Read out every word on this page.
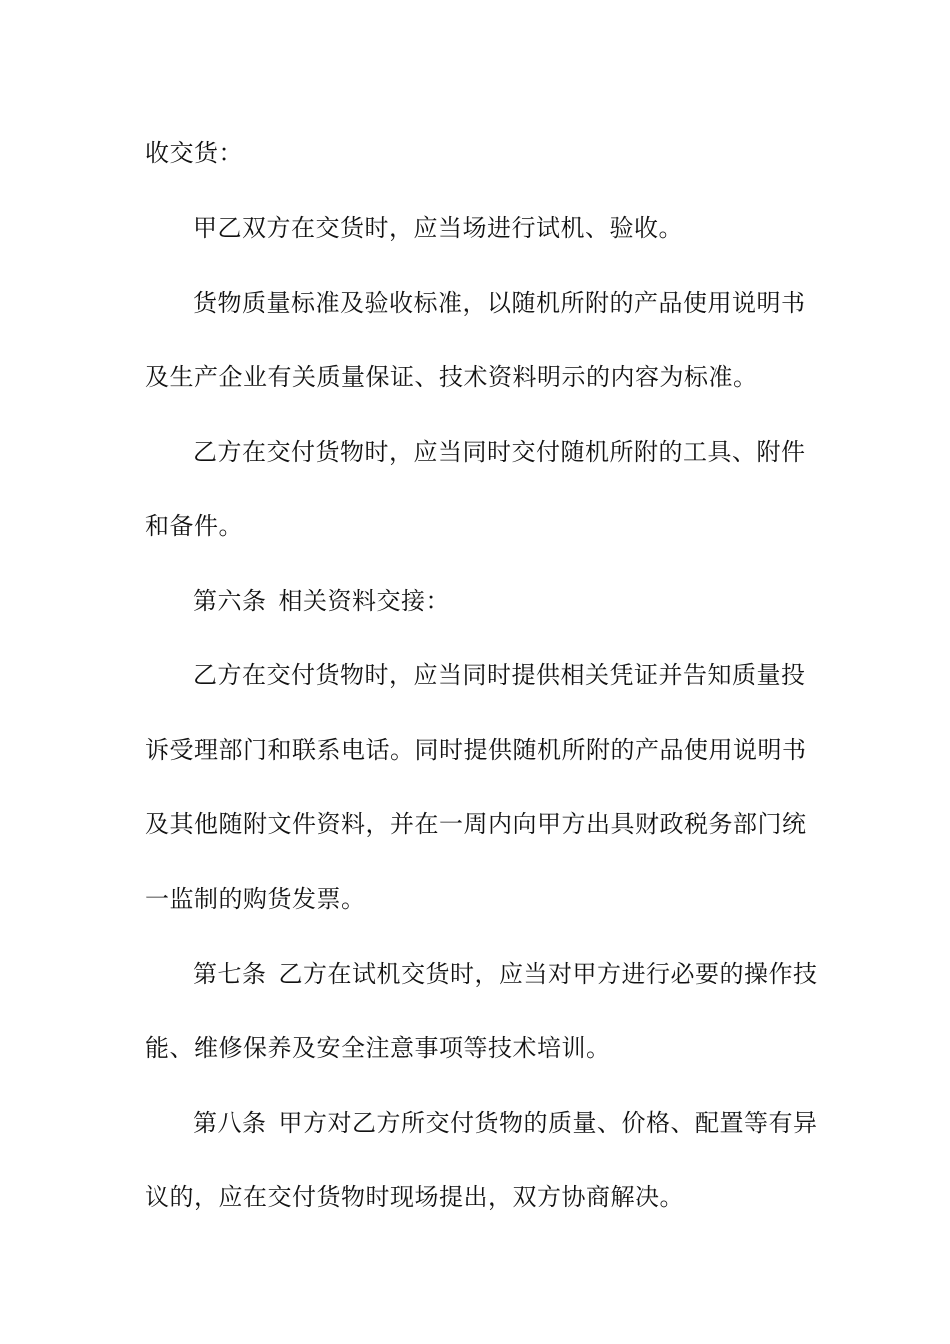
收交货：
甲乙双方在交货时，应当场进行试机、验收。
货物质量标准及验收标准，以随机所附的产品使用说明书
及生产企业有关质量保证、技术资料明示的内容为标准。
乙方在交付货物时，应当同时交付随机所附的工具、附件
和备件。
第六条 相关资料交接：
乙方在交付货物时，应当同时提供相关凭证并告知质量投
诉受理部门和联系电话。同时提供随机所附的产品使用说明书
及其他随附文件资料，并在一周内向甲方出具财政税务部门统
一监制的购货发票。
第七条 乙方在试机交货时，应当对甲方进行必要的操作技
能、维修保养及安全注意事项等技术培训。
第八条 甲方对乙方所交付货物的质量、价格、配置等有异
议的，应在交付货物时现场提出，双方协商解决。
